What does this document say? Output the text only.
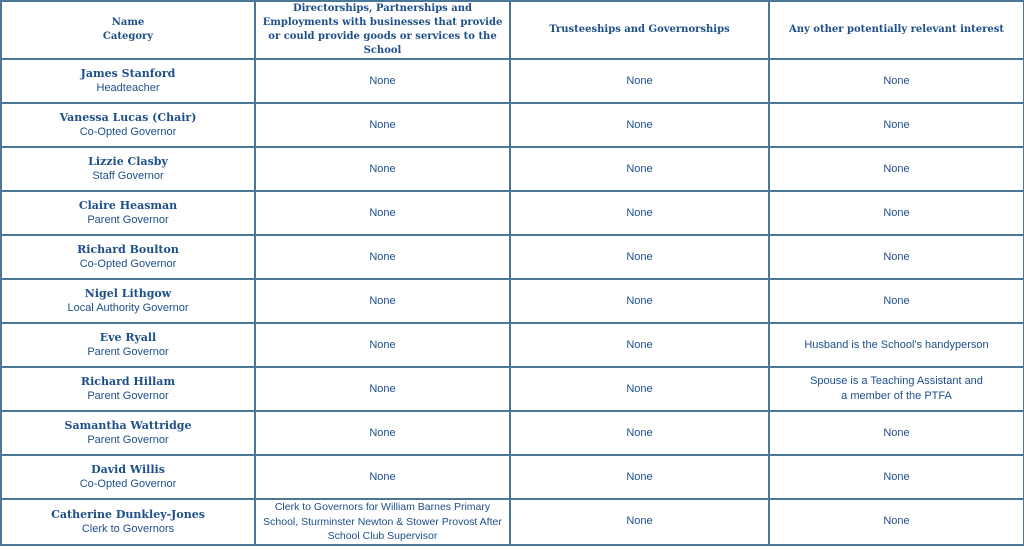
Name
Category	Directorships, Partnerships and Employments with businesses that provide or could provide goods or services to the School	Trusteeships and Governorships	Any other potentially relevant interest

James Stanford
Headteacher	None	None	None

Vanessa Lucas (Chair)
Co-Opted Governor	None	None	None

Lizzie Clasby
Staff Governor	None	None	None

Claire Heasman
Parent Governor	None	None	None

Richard Boulton
Co-Opted Governor	None	None	None

Nigel Lithgow
Local Authority Governor	None	None	None

Eve Ryall
Parent Governor	None	None	Husband is the School's handyperson

Richard Hillam
Parent Governor	None	None	Spouse is a Teaching Assistant and a member of the PTFA

Samantha Wattridge
Parent Governor	None	None	None

David Willis
Co-Opted Governor	None	None	None

Catherine Dunkley-Jones
Clerk to Governors	Clerk to Governors for William Barnes Primary School, Sturminster Newton & Stower Provost After School Club Supervisor	None	None
